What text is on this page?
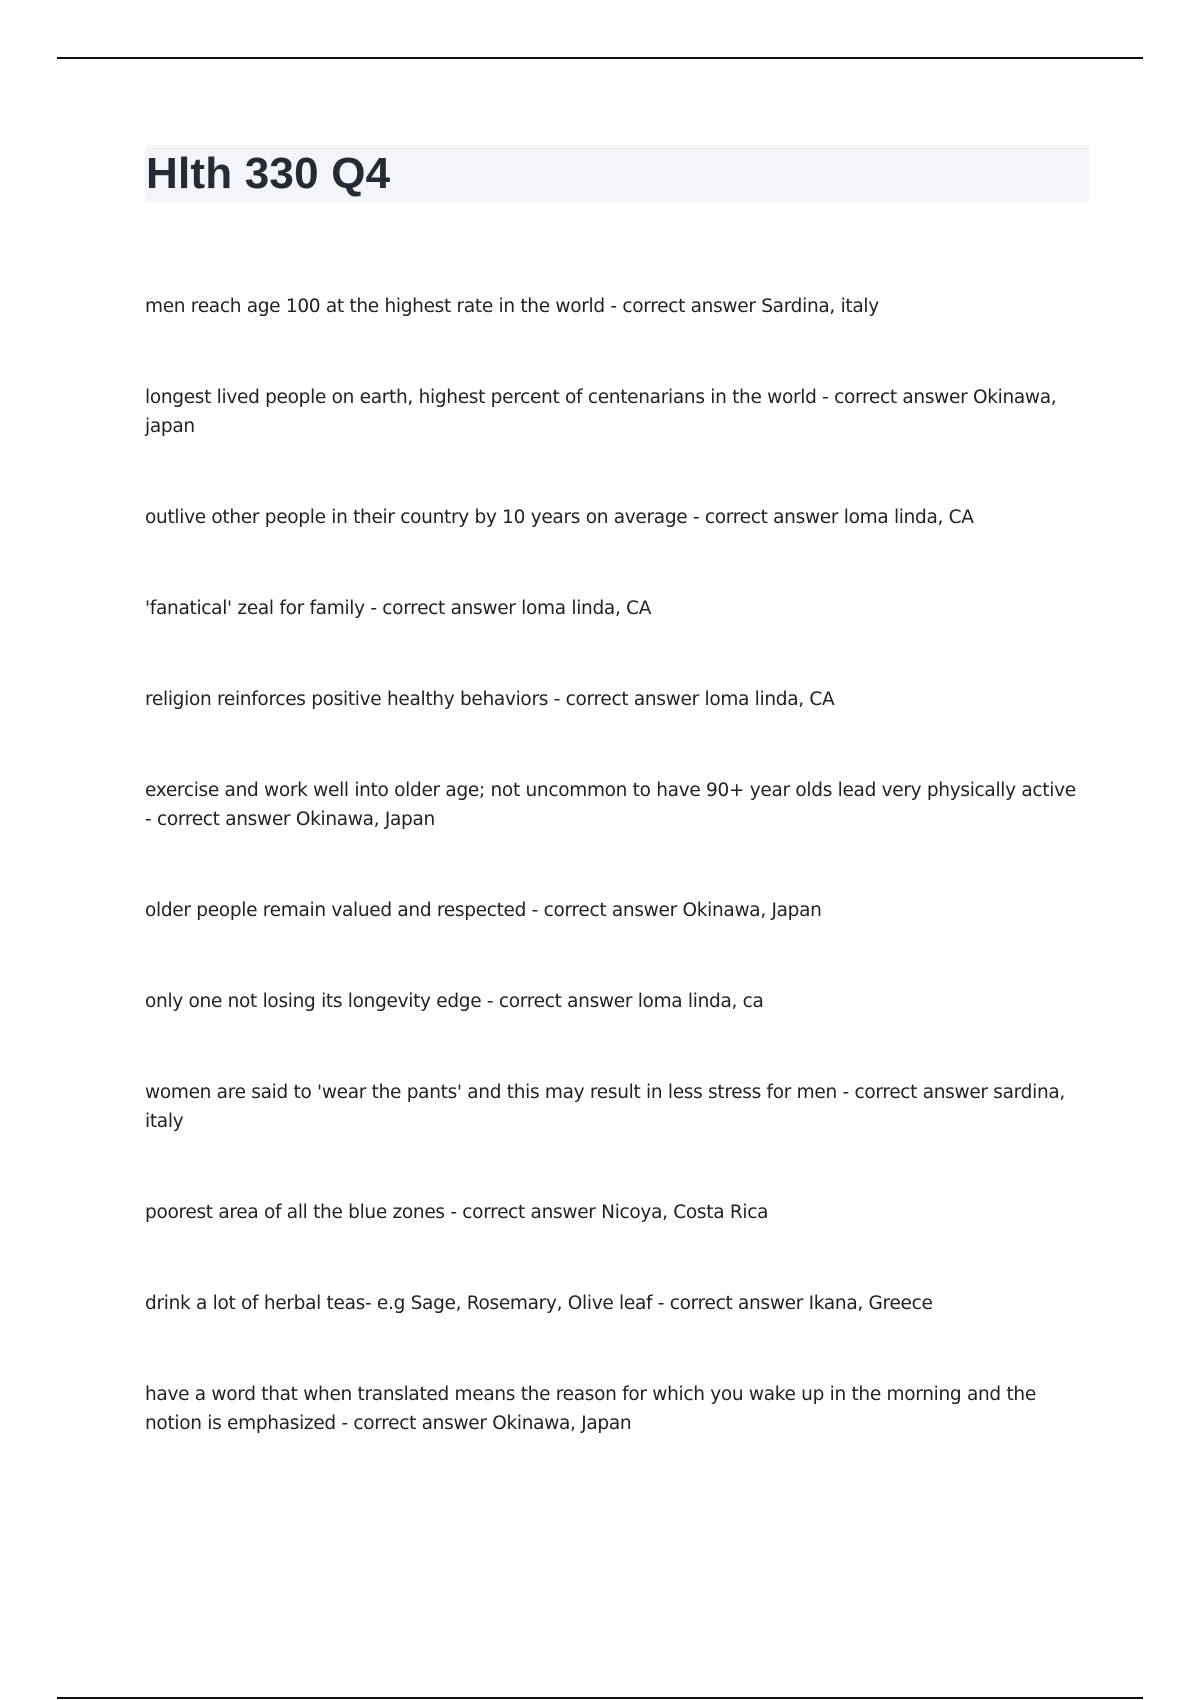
Hlth 330 Q4
men reach age 100 at the highest rate in the world - correct answer Sardina, italy
longest lived people on earth, highest percent of centenarians in the world - correct answer Okinawa, japan
outlive other people in their country by 10 years on average - correct answer loma linda, CA
'fanatical' zeal for family - correct answer loma linda, CA
religion reinforces positive healthy behaviors - correct answer loma linda, CA
exercise and work well into older age; not uncommon to have 90+ year olds lead very physically active - correct answer Okinawa, Japan
older people remain valued and respected - correct answer Okinawa, Japan
only one not losing its longevity edge - correct answer loma linda, ca
women are said to 'wear the pants' and this may result in less stress for men - correct answer sardina, italy
poorest area of all the blue zones - correct answer Nicoya, Costa Rica
drink a lot of herbal teas- e.g Sage, Rosemary, Olive leaf - correct answer Ikana, Greece
have a word that when translated means the reason for which you wake up in the morning and the notion is emphasized - correct answer Okinawa, Japan
